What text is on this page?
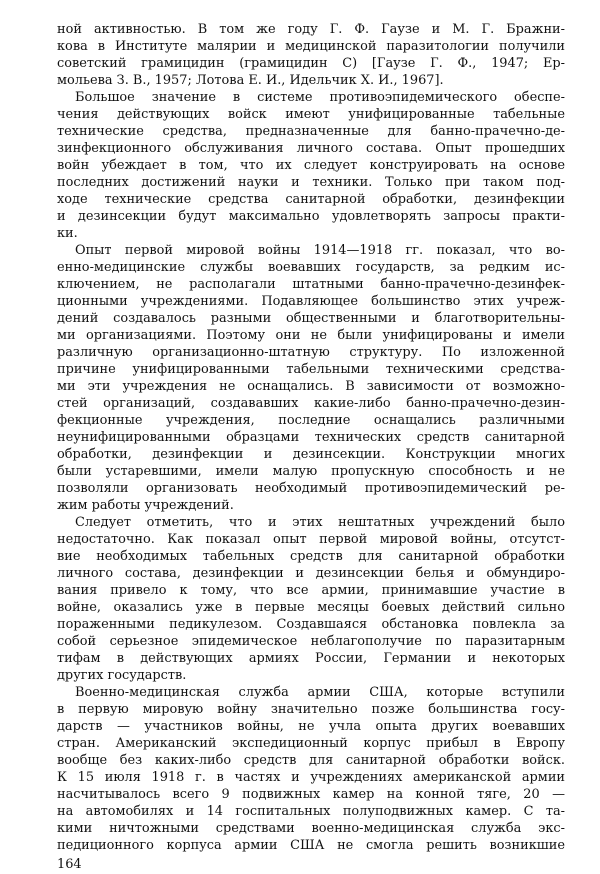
ной активностью. В том же году Г. Ф. Гаузе и М. Г. Бражни-
кова в Институте малярии и медицинской паразитологии получили
советский грамицидин (грамицидин С) [Гаузе Г. Ф., 1947; Ер-
мольева З. В., 1957; Лотова Е. И., Идельчик Х. И., 1967].
Большое значение в системе противоэпидемического обеспе-
чения действующих войск имеют унифицированные табельные
технические средства, предназначенные для банно-прачечно-де-
зинфекционного обслуживания личного состава. Опыт прошедших
войн убеждает в том, что их следует конструировать на основе
последних достижений науки и техники. Только при таком под-
ходе технические средства санитарной обработки, дезинфекции
и дезинсекции будут максимально удовлетворять запросы практи-
ки.
Опыт первой мировой войны 1914—1918 гг. показал, что во-
енно-медицинские службы воевавших государств, за редким ис-
ключением, не располагали штатными банно-прачечно-дезинфек-
ционными учреждениями. Подавляющее большинство этих учреж-
дений создавалось разными общественными и благотворительны-
ми организациями. Поэтому они не были унифицированы и имели
различную организационно-штатную структуру. По изложенной
причине унифицированными табельными техническими средства-
ми эти учреждения не оснащались. В зависимости от возможно-
стей организаций, создававших какие-либо банно-прачечно-дезин-
фекционные учреждения, последние оснащались различными
неунифицированными образцами технических средств санитарной
обработки, дезинфекции и дезинсекции. Конструкции многих
были устаревшими, имели малую пропускную способность и не
позволяли организовать необходимый противоэпидемический ре-
жим работы учреждений.
Следует отметить, что и этих нештатных учреждений было
недостаточно. Как показал опыт первой мировой войны, отсутст-
вие необходимых табельных средств для санитарной обработки
личного состава, дезинфекции и дезинсекции белья и обмундиро-
вания привело к тому, что все армии, принимавшие участие в
войне, оказались уже в первые месяцы боевых действий сильно
пораженными педикулезом. Создавшаяся обстановка повлекла за
собой серьезное эпидемическое неблагополучие по паразитарным
тифам в действующих армиях России, Германии и некоторых
других государств.
Военно-медицинская служба армии США, которые вступили
в первую мировую войну значительно позже большинства госу-
дарств — участников войны, не учла опыта других воевавших
стран. Американский экспедиционный корпус прибыл в Европу
вообще без каких-либо средств для санитарной обработки войск.
К 15 июля 1918 г. в частях и учреждениях американской армии
насчитывалось всего 9 подвижных камер на конной тяге, 20 —
на автомобилях и 14 госпитальных полуподвижных камер. С та-
кими ничтожными средствами военно-медицинская служба экс-
педиционного корпуса армии США не смогла решить возникшие
164
